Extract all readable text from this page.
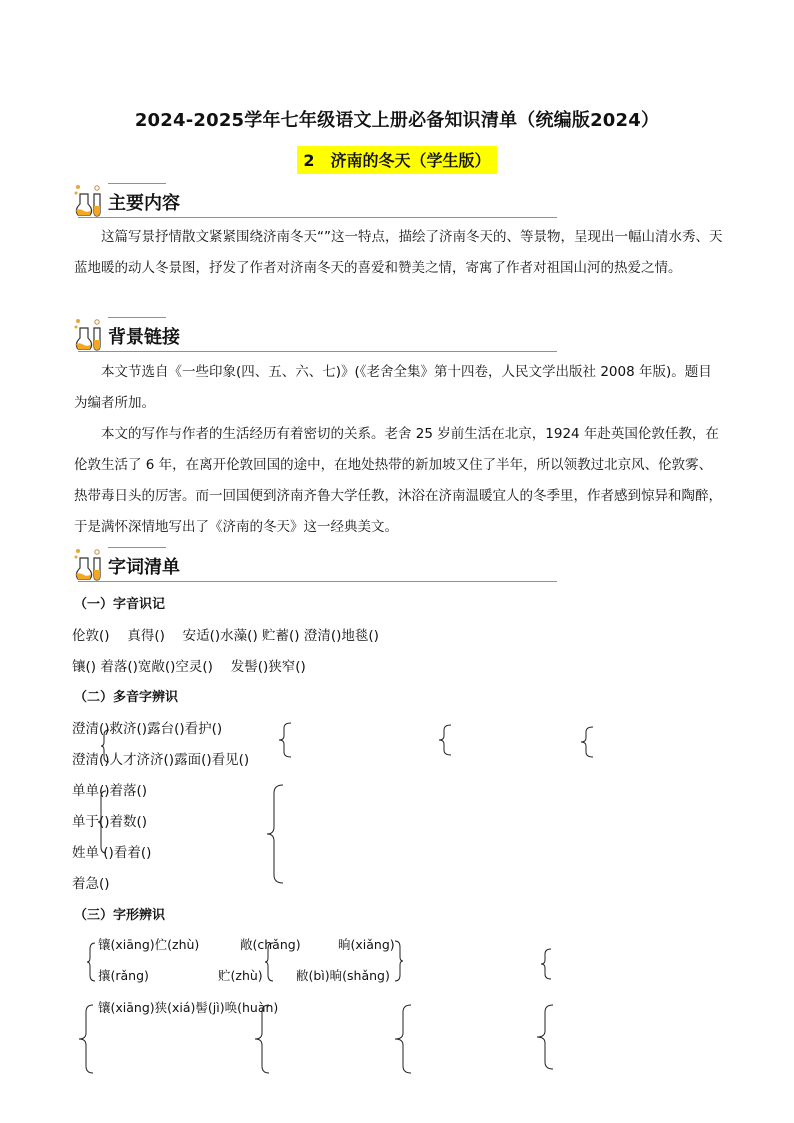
2024-2025学年七年级语文上册必备知识清单（统编版2024）
2　济南的冬天（学生版）
主要内容

这篇写景抒情散文紧紧围绕济南冬天“”这一特点，描绘了济南冬天的、等景物，呈现出一幅山清水秀、天蓝地暖的动人冬景图，抒发了作者对济南冬天的喜爱和赞美之情，寄寓了作者对祖国山河的热爱之情。

背景链接

本文节选自《一些印象(四、五、六、七)》(《老舍全集》第十四卷，人民文学出版社 2008 年版)。题目为编者所加。

本文的写作与作者的生活经历有着密切的关系。老舍 25 岁前生活在北京，1924 年赴英国伦敦任教，在伦敦生活了 6 年，在离开伦敦回国的途中，在地处热带的新加坡又住了半年，所以领教过北京风、伦敦雾、热带毒日头的厉害。而一回国便到济南齐鲁大学任教，沐浴在济南温暖宜人的冬季里，作者感到惊异和陶醉，于是满怀深情地写出了《济南的冬天》这一经典美文。

字词清单
（一）字音识记
伦敦()　 真得()　 安适()水藻() 贮蓄() 澄清()地毯()
镶() 着落()宽敞()空灵()　 发髻()狭窄()
（二）多音字辨识
澄清()救济()露台()看护()
澄清()人才济济()露面()看见()
单单()着落()
单于()着数()
姓单 ()看着()
着急()
（三）字形辨识
镶(xiāng)伫(zhù)	敞(chǎng)	晌(xiǎng)
攘(rǎng)	贮(zhù)	敝(bì)晌(shǎng)
镶(xiāng)狭(xiá)髻(jì)唤(huàn)
